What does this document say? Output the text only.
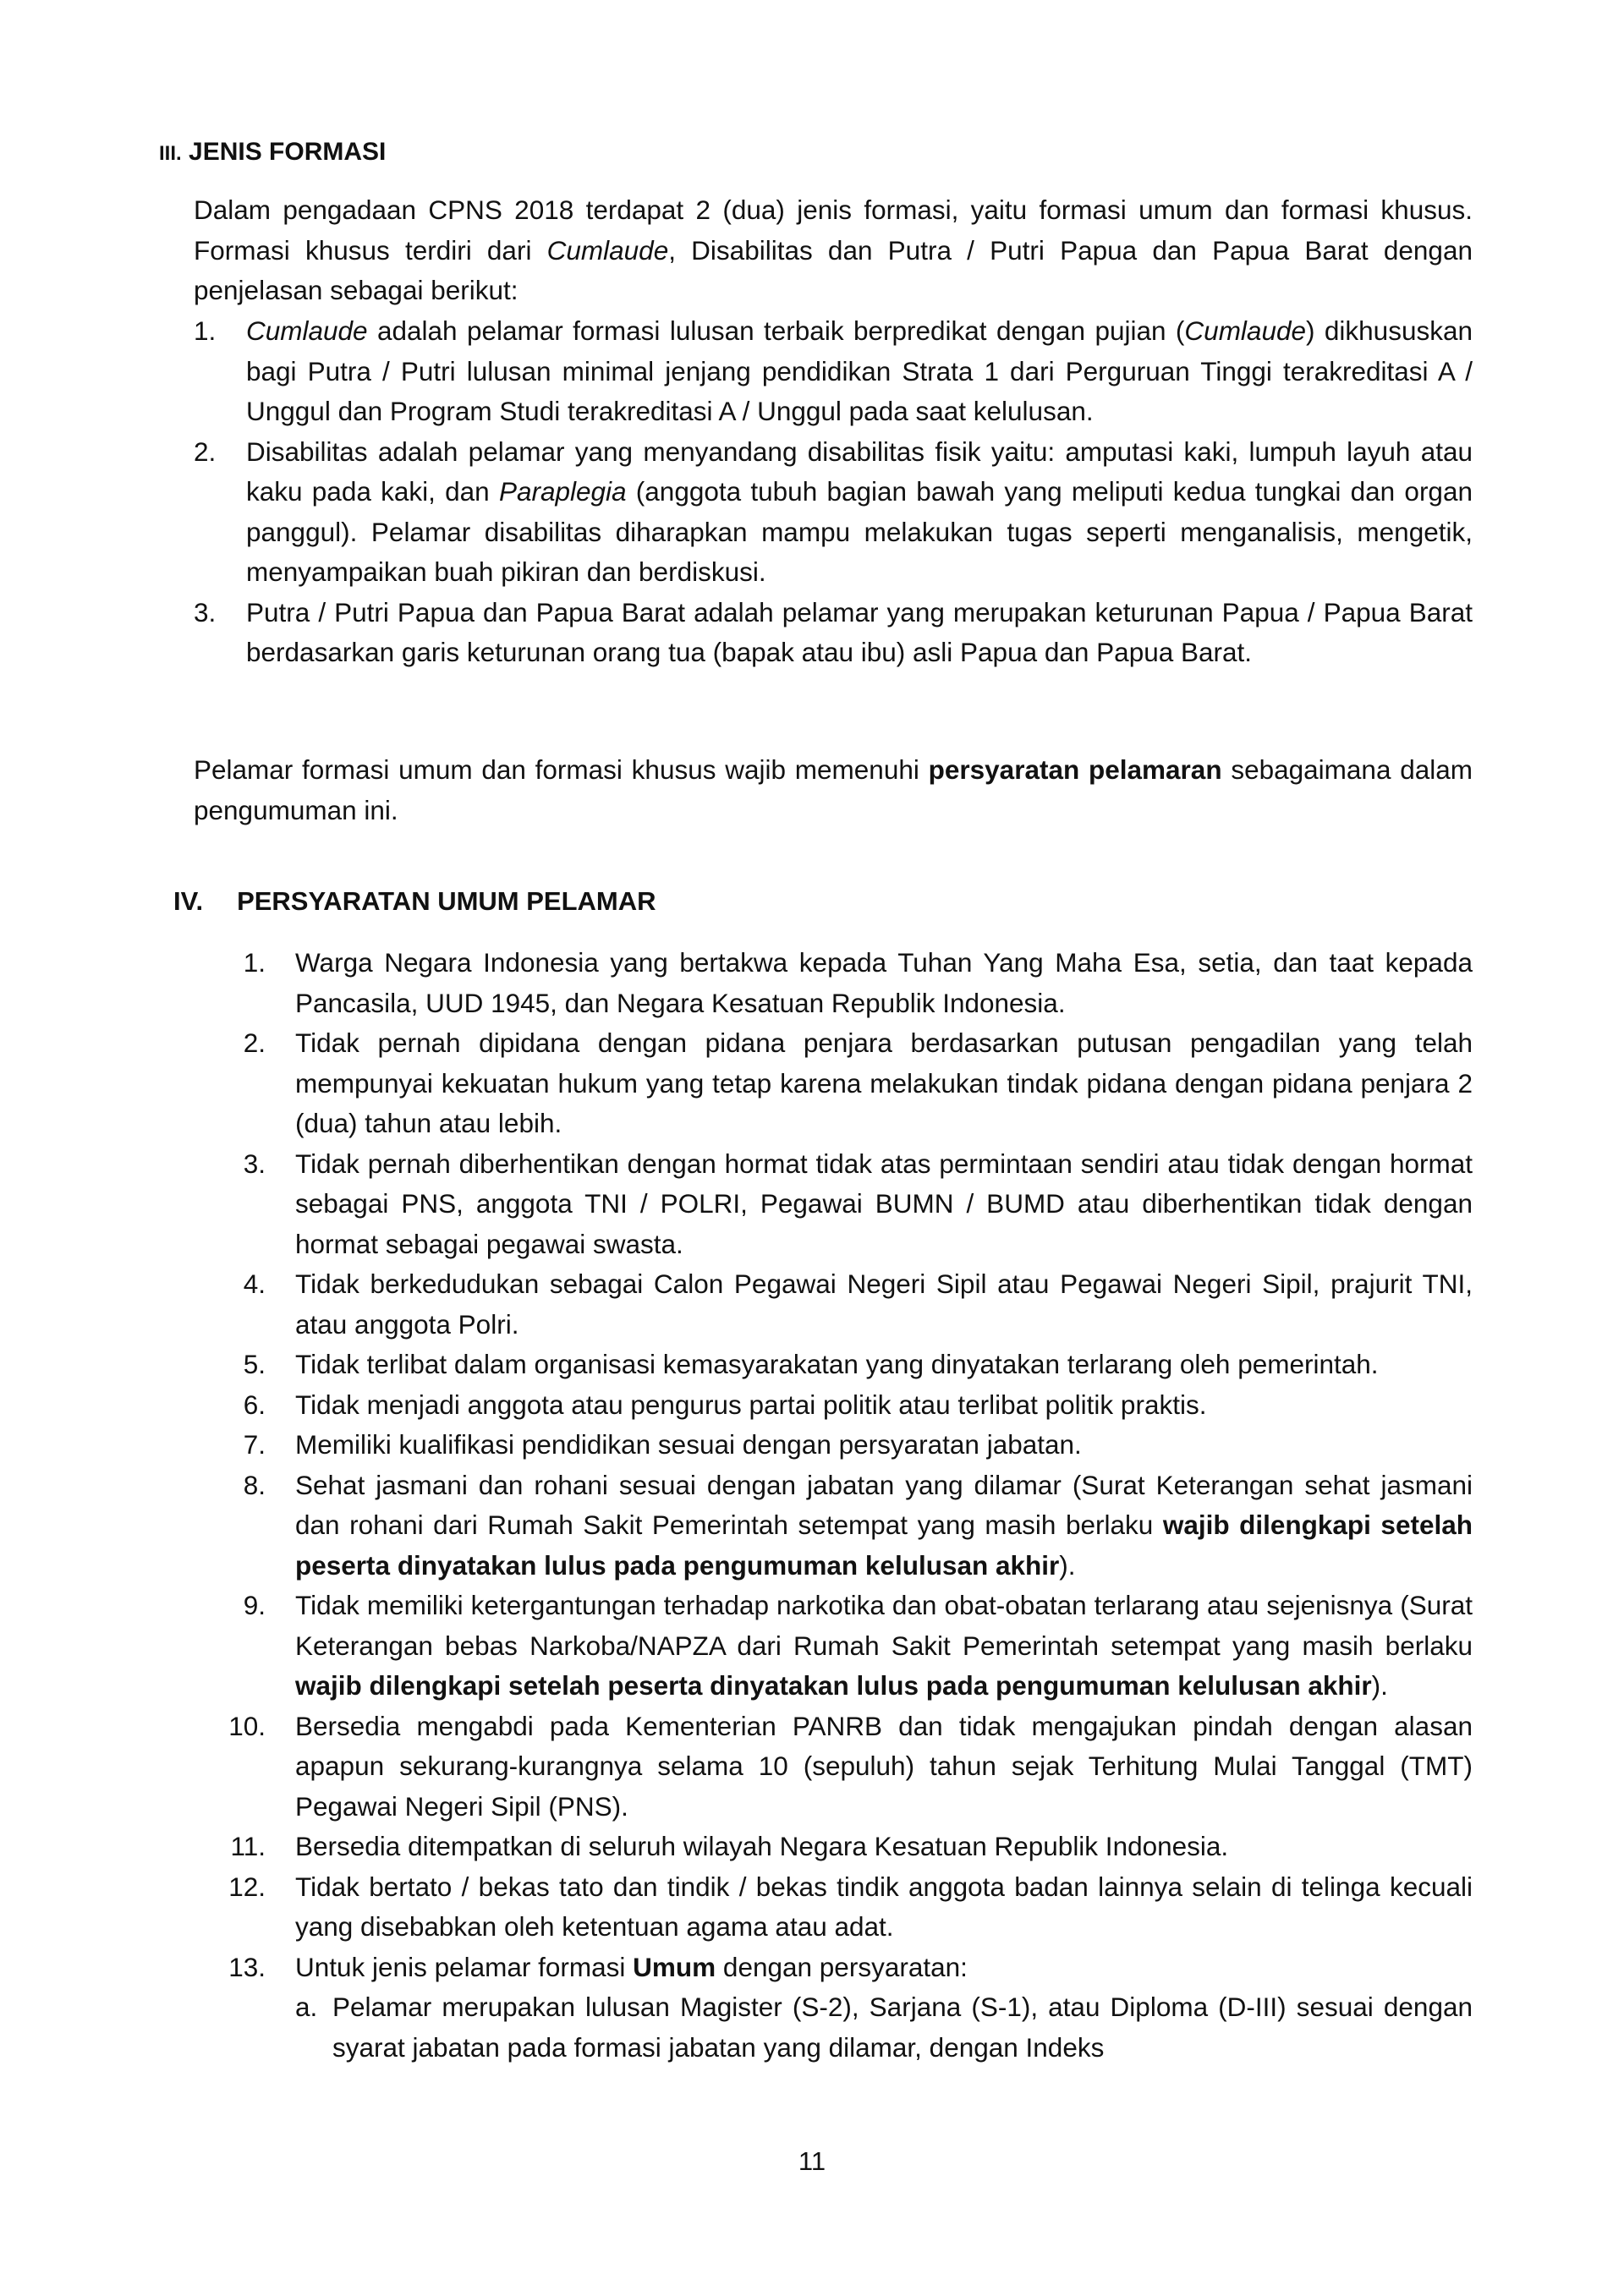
III. JENIS FORMASI
Dalam pengadaan CPNS 2018 terdapat 2 (dua) jenis formasi, yaitu formasi umum dan formasi khusus. Formasi khusus terdiri dari Cumlaude, Disabilitas dan Putra / Putri Papua dan Papua Barat dengan penjelasan sebagai berikut:
1. Cumlaude adalah pelamar formasi lulusan terbaik berpredikat dengan pujian (Cumlaude) dikhususkan bagi Putra / Putri lulusan minimal jenjang pendidikan Strata 1 dari Perguruan Tinggi terakreditasi A / Unggul dan Program Studi terakreditasi A / Unggul pada saat kelulusan.
2. Disabilitas adalah pelamar yang menyandang disabilitas fisik yaitu: amputasi kaki, lumpuh layuh atau kaku pada kaki, dan Paraplegia (anggota tubuh bagian bawah yang meliputi kedua tungkai dan organ panggul). Pelamar disabilitas diharapkan mampu melakukan tugas seperti menganalisis, mengetik, menyampaikan buah pikiran dan berdiskusi.
3. Putra / Putri Papua dan Papua Barat adalah pelamar yang merupakan keturunan Papua / Papua Barat berdasarkan garis keturunan orang tua (bapak atau ibu) asli Papua dan Papua Barat.
Pelamar formasi umum dan formasi khusus wajib memenuhi persyaratan pelamaran sebagaimana dalam pengumuman ini.
IV. PERSYARATAN UMUM PELAMAR
1. Warga Negara Indonesia yang bertakwa kepada Tuhan Yang Maha Esa, setia, dan taat kepada Pancasila, UUD 1945, dan Negara Kesatuan Republik Indonesia.
2. Tidak pernah dipidana dengan pidana penjara berdasarkan putusan pengadilan yang telah mempunyai kekuatan hukum yang tetap karena melakukan tindak pidana dengan pidana penjara 2 (dua) tahun atau lebih.
3. Tidak pernah diberhentikan dengan hormat tidak atas permintaan sendiri atau tidak dengan hormat sebagai PNS, anggota TNI / POLRI, Pegawai BUMN / BUMD atau diberhentikan tidak dengan hormat sebagai pegawai swasta.
4. Tidak berkedudukan sebagai Calon Pegawai Negeri Sipil atau Pegawai Negeri Sipil, prajurit TNI, atau anggota Polri.
5. Tidak terlibat dalam organisasi kemasyarakatan yang dinyatakan terlarang oleh pemerintah.
6. Tidak menjadi anggota atau pengurus partai politik atau terlibat politik praktis.
7. Memiliki kualifikasi pendidikan sesuai dengan persyaratan jabatan.
8. Sehat jasmani dan rohani sesuai dengan jabatan yang dilamar (Surat Keterangan sehat jasmani dan rohani dari Rumah Sakit Pemerintah setempat yang masih berlaku wajib dilengkapi setelah peserta dinyatakan lulus pada pengumuman kelulusan akhir).
9. Tidak memiliki ketergantungan terhadap narkotika dan obat-obatan terlarang atau sejenisnya (Surat Keterangan bebas Narkoba/NAPZA dari Rumah Sakit Pemerintah setempat yang masih berlaku wajib dilengkapi setelah peserta dinyatakan lulus pada pengumuman kelulusan akhir).
10. Bersedia mengabdi pada Kementerian PANRB dan tidak mengajukan pindah dengan alasan apapun sekurang-kurangnya selama 10 (sepuluh) tahun sejak Terhitung Mulai Tanggal (TMT) Pegawai Negeri Sipil (PNS).
11. Bersedia ditempatkan di seluruh wilayah Negara Kesatuan Republik Indonesia.
12. Tidak bertato / bekas tato dan tindik / bekas tindik anggota badan lainnya selain di telinga kecuali yang disebabkan oleh ketentuan agama atau adat.
13. Untuk jenis pelamar formasi Umum dengan persyaratan:
a. Pelamar merupakan lulusan Magister (S-2), Sarjana (S-1), atau Diploma (D-III) sesuai dengan syarat jabatan pada formasi jabatan yang dilamar, dengan Indeks
11
